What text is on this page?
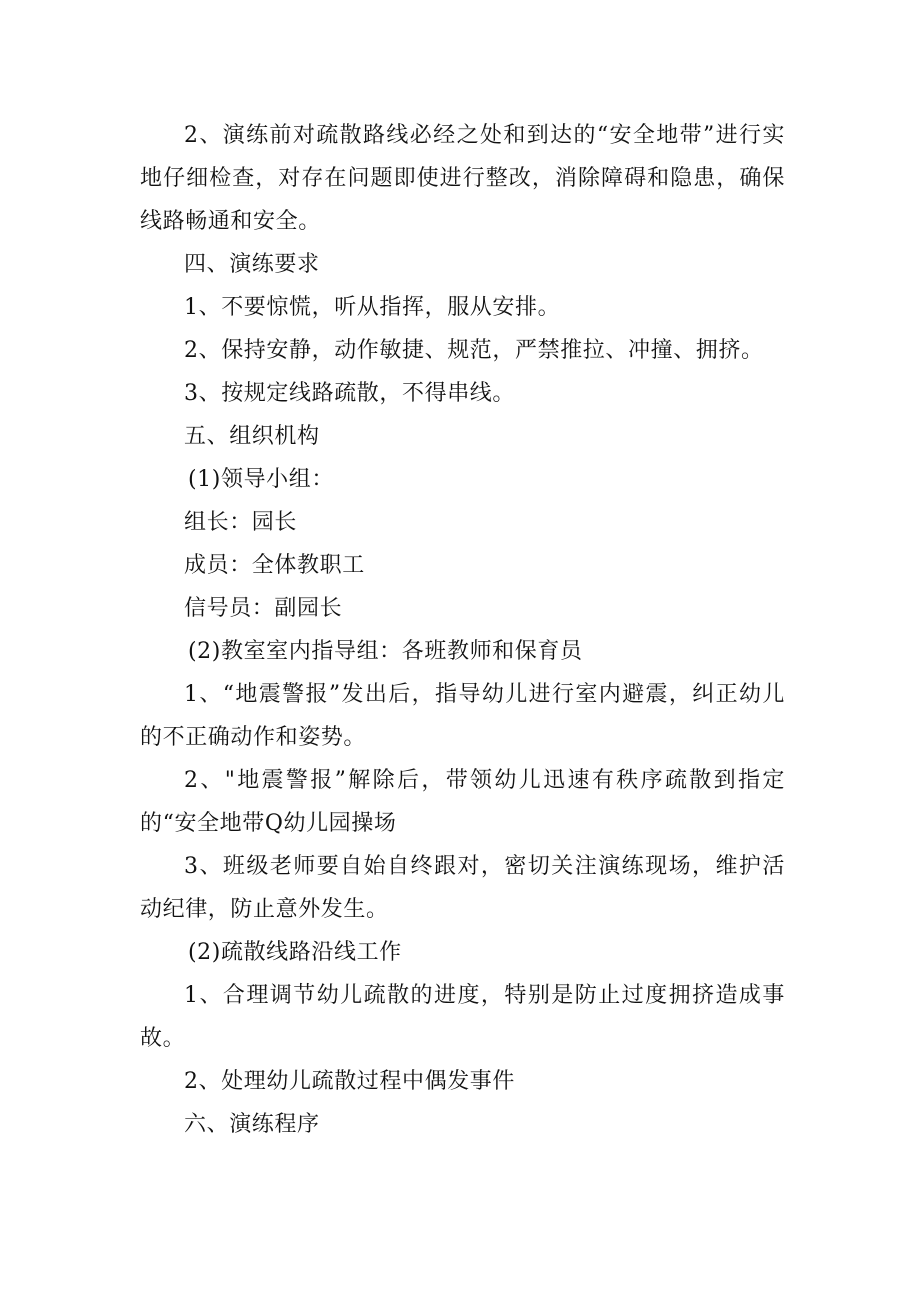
2、演练前对疏散路线必经之处和到达的“安全地带”进行实地仔细检查，对存在问题即使进行整改，消除障碍和隐患，确保线路畅通和安全。

四、演练要求

1、不要惊慌，听从指挥，服从安排。

2、保持安静，动作敏捷、规范，严禁推拉、冲撞、拥挤。

3、按规定线路疏散，不得串线。

五、组织机构

(1)领导小组：

组长：园长

成员：全体教职工

信号员：副园长

(2)教室室内指导组：各班教师和保育员

1、“地震警报”发出后，指导幼儿进行室内避震，纠正幼儿的不正确动作和姿势。

2、"地震警报”解除后，带领幼儿迅速有秩序疏散到指定的“安全地带Q幼儿园操场

3、班级老师要自始自终跟对，密切关注演练现场，维护活动纪律，防止意外发生。

(2)疏散线路沿线工作

1、合理调节幼儿疏散的进度，特别是防止过度拥挤造成事故。

2、处理幼儿疏散过程中偶发事件

六、演练程序
